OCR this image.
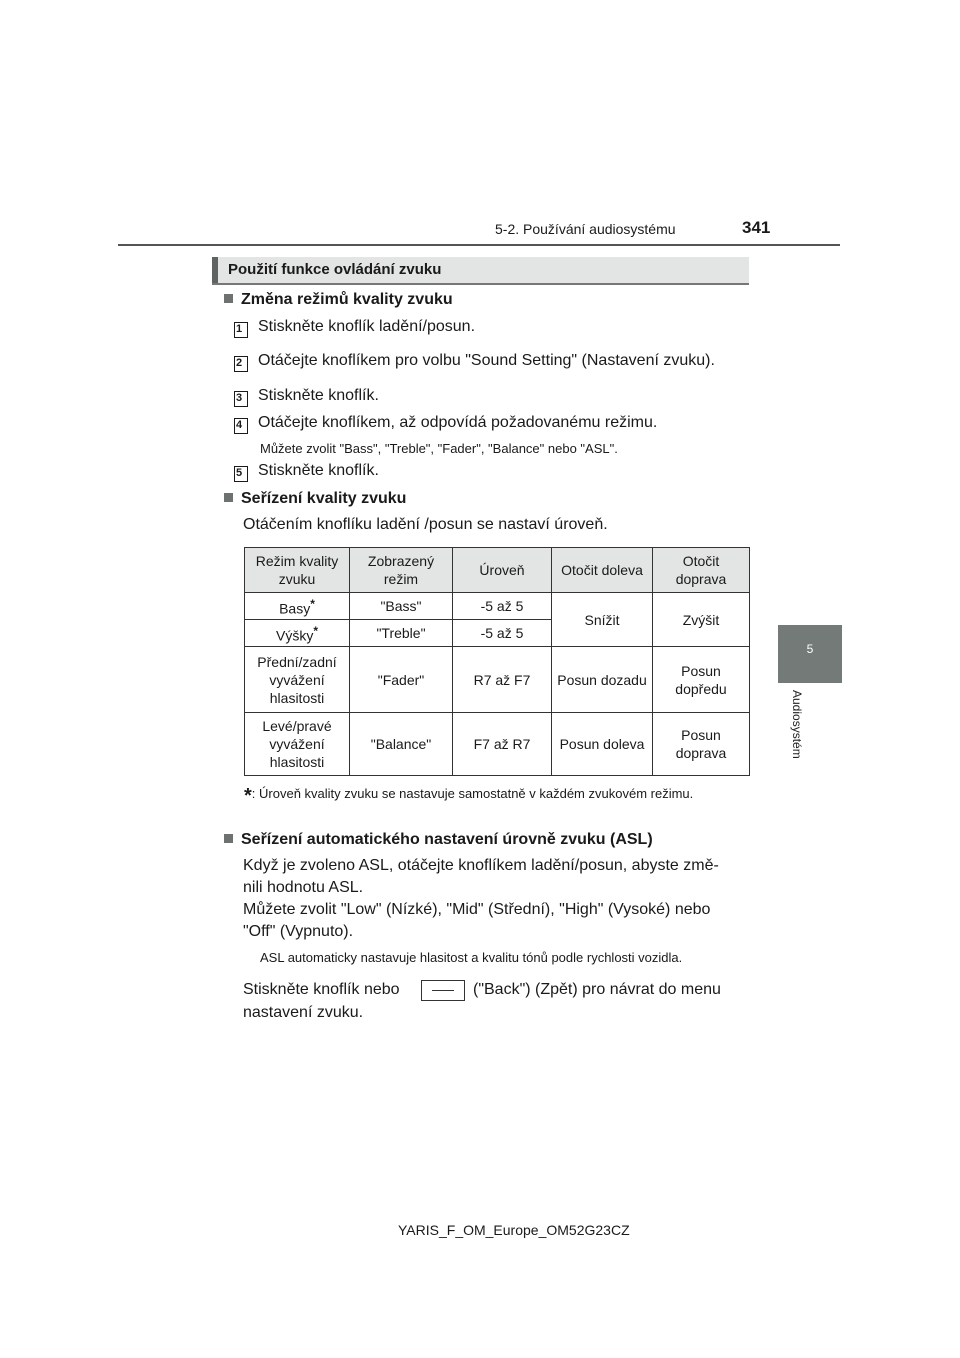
5-2. Používání audiosystému	341
5
Audiosystém
Použití funkce ovládání zvuku
Změna režimů kvality zvuku
1 Stiskněte knoflík ladění/posun.
2 Otáčejte knoflíkem pro volbu "Sound Setting" (Nastavení zvuku).
3 Stiskněte knoflík.
4 Otáčejte knoflíkem, až odpovídá požadovanému režimu.
Můžete zvolit "Bass", "Treble", "Fader", "Balance" nebo "ASL".
5 Stiskněte knoflík.
Seřízení kvality zvuku
Otáčením knoflíku ladění /posun se nastaví úroveň.
Režim kvality zvuku	Zobrazený režim	Úroveň	Otočit doleva	Otočit doprava
Basy*	"Bass"	-5 až 5	Snížit	Zvýšit
Výšky*	"Treble"	-5 až 5		
Přední/zadní vyvážení hlasitosti	"Fader"	R7 až F7	Posun dozadu	Posun dopředu
Levé/pravé vyvážení hlasitosti	"Balance"	F7 až R7	Posun doleva	Posun doprava
*: Úroveň kvality zvuku se nastavuje samostatně v každém zvukovém režimu.
Seřízení automatického nastavení úrovně zvuku (ASL)
Když je zvoleno ASL, otáčejte knoflíkem ladění/posun, abyste změ-
nili hodnotu ASL.
Můžete zvolit "Low" (Nízké), "Mid" (Střední), "High" (Vysoké) nebo
"Off" (Vypnuto).
ASL automaticky nastavuje hlasitost a kvalitu tónů podle rychlosti vozidla.
Stiskněte knoflík nebo	("Back") (Zpět) pro návrat do menu
nastavení zvuku.
YARIS_F_OM_Europe_OM52G23CZ
